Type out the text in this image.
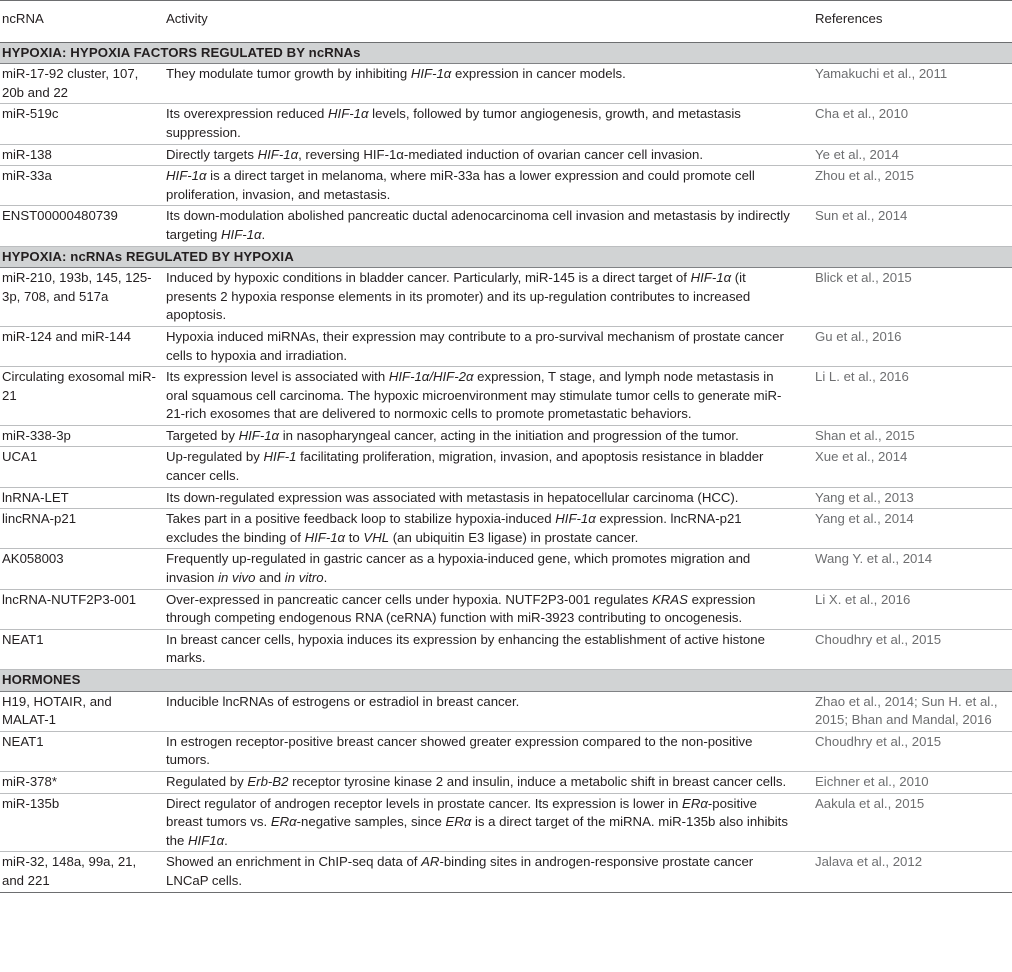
ncRNA	Activity	References
HYPOXIA: HYPOXIA FACTORS REGULATED BY ncRNAs		
miR-17-92 cluster, 107, 20b and 22	They modulate tumor growth by inhibiting HIF-1α expression in cancer models.	Yamakuchi et al., 2011
miR-519c	Its overexpression reduced HIF-1α levels, followed by tumor angiogenesis, growth, and metastasis suppression.	Cha et al., 2010
miR-138	Directly targets HIF-1α, reversing HIF-1α-mediated induction of ovarian cancer cell invasion.	Ye et al., 2014
miR-33a	HIF-1α is a direct target in melanoma, where miR-33a has a lower expression and could promote cell proliferation, invasion, and metastasis.	Zhou et al., 2015
ENST00000480739	Its down-modulation abolished pancreatic ductal adenocarcinoma cell invasion and metastasis by indirectly targeting HIF-1α.	Sun et al., 2014
HYPOXIA: ncRNAs REGULATED BY HYPOXIA		
miR-210, 193b, 145, 125-3p, 708, and 517a	Induced by hypoxic conditions in bladder cancer. Particularly, miR-145 is a direct target of HIF-1α (it presents 2 hypoxia response elements in its promoter) and its up-regulation contributes to increased apoptosis.	Blick et al., 2015
miR-124 and miR-144	Hypoxia induced miRNAs, their expression may contribute to a pro-survival mechanism of prostate cancer cells to hypoxia and irradiation.	Gu et al., 2016
Circulating exosomal miR-21	Its expression level is associated with HIF-1α/HIF-2α expression, T stage, and lymph node metastasis in oral squamous cell carcinoma. The hypoxic microenvironment may stimulate tumor cells to generate miR-21-rich exosomes that are delivered to normoxic cells to promote prometastatic behaviors.	Li L. et al., 2016
miR-338-3p	Targeted by HIF-1α in nasopharyngeal cancer, acting in the initiation and progression of the tumor.	Shan et al., 2015
UCA1	Up-regulated by HIF-1 facilitating proliferation, migration, invasion, and apoptosis resistance in bladder cancer cells.	Xue et al., 2014
lnRNA-LET	Its down-regulated expression was associated with metastasis in hepatocellular carcinoma (HCC).	Yang et al., 2013
lincRNA-p21	Takes part in a positive feedback loop to stabilize hypoxia-induced HIF-1α expression. lncRNA-p21 excludes the binding of HIF-1α to VHL (an ubiquitin E3 ligase) in prostate cancer.	Yang et al., 2014
AK058003	Frequently up-regulated in gastric cancer as a hypoxia-induced gene, which promotes migration and invasion in vivo and in vitro.	Wang Y. et al., 2014
lncRNA-NUTF2P3-001	Over-expressed in pancreatic cancer cells under hypoxia. NUTF2P3-001 regulates KRAS expression through competing endogenous RNA (ceRNA) function with miR-3923 contributing to oncogenesis.	Li X. et al., 2016
NEAT1	In breast cancer cells, hypoxia induces its expression by enhancing the establishment of active histone marks.	Choudhry et al., 2015
HORMONES		
H19, HOTAIR, and MALAT-1	Inducible lncRNAs of estrogens or estradiol in breast cancer.	Zhao et al., 2014; Sun H. et al., 2015; Bhan and Mandal, 2016
NEAT1	In estrogen receptor-positive breast cancer showed greater expression compared to the non-positive tumors.	Choudhry et al., 2015
miR-378*	Regulated by Erb-B2 receptor tyrosine kinase 2 and insulin, induce a metabolic shift in breast cancer cells.	Eichner et al., 2010
miR-135b	Direct regulator of androgen receptor levels in prostate cancer. Its expression is lower in ERα-positive breast tumors vs. ERα-negative samples, since ERα is a direct target of the miRNA. miR-135b also inhibits the HIF1α.	Aakula et al., 2015
miR-32, 148a, 99a, 21, and 221	Showed an enrichment in ChIP-seq data of AR-binding sites in androgen-responsive prostate cancer LNCaP cells.	Jalava et al., 2012
